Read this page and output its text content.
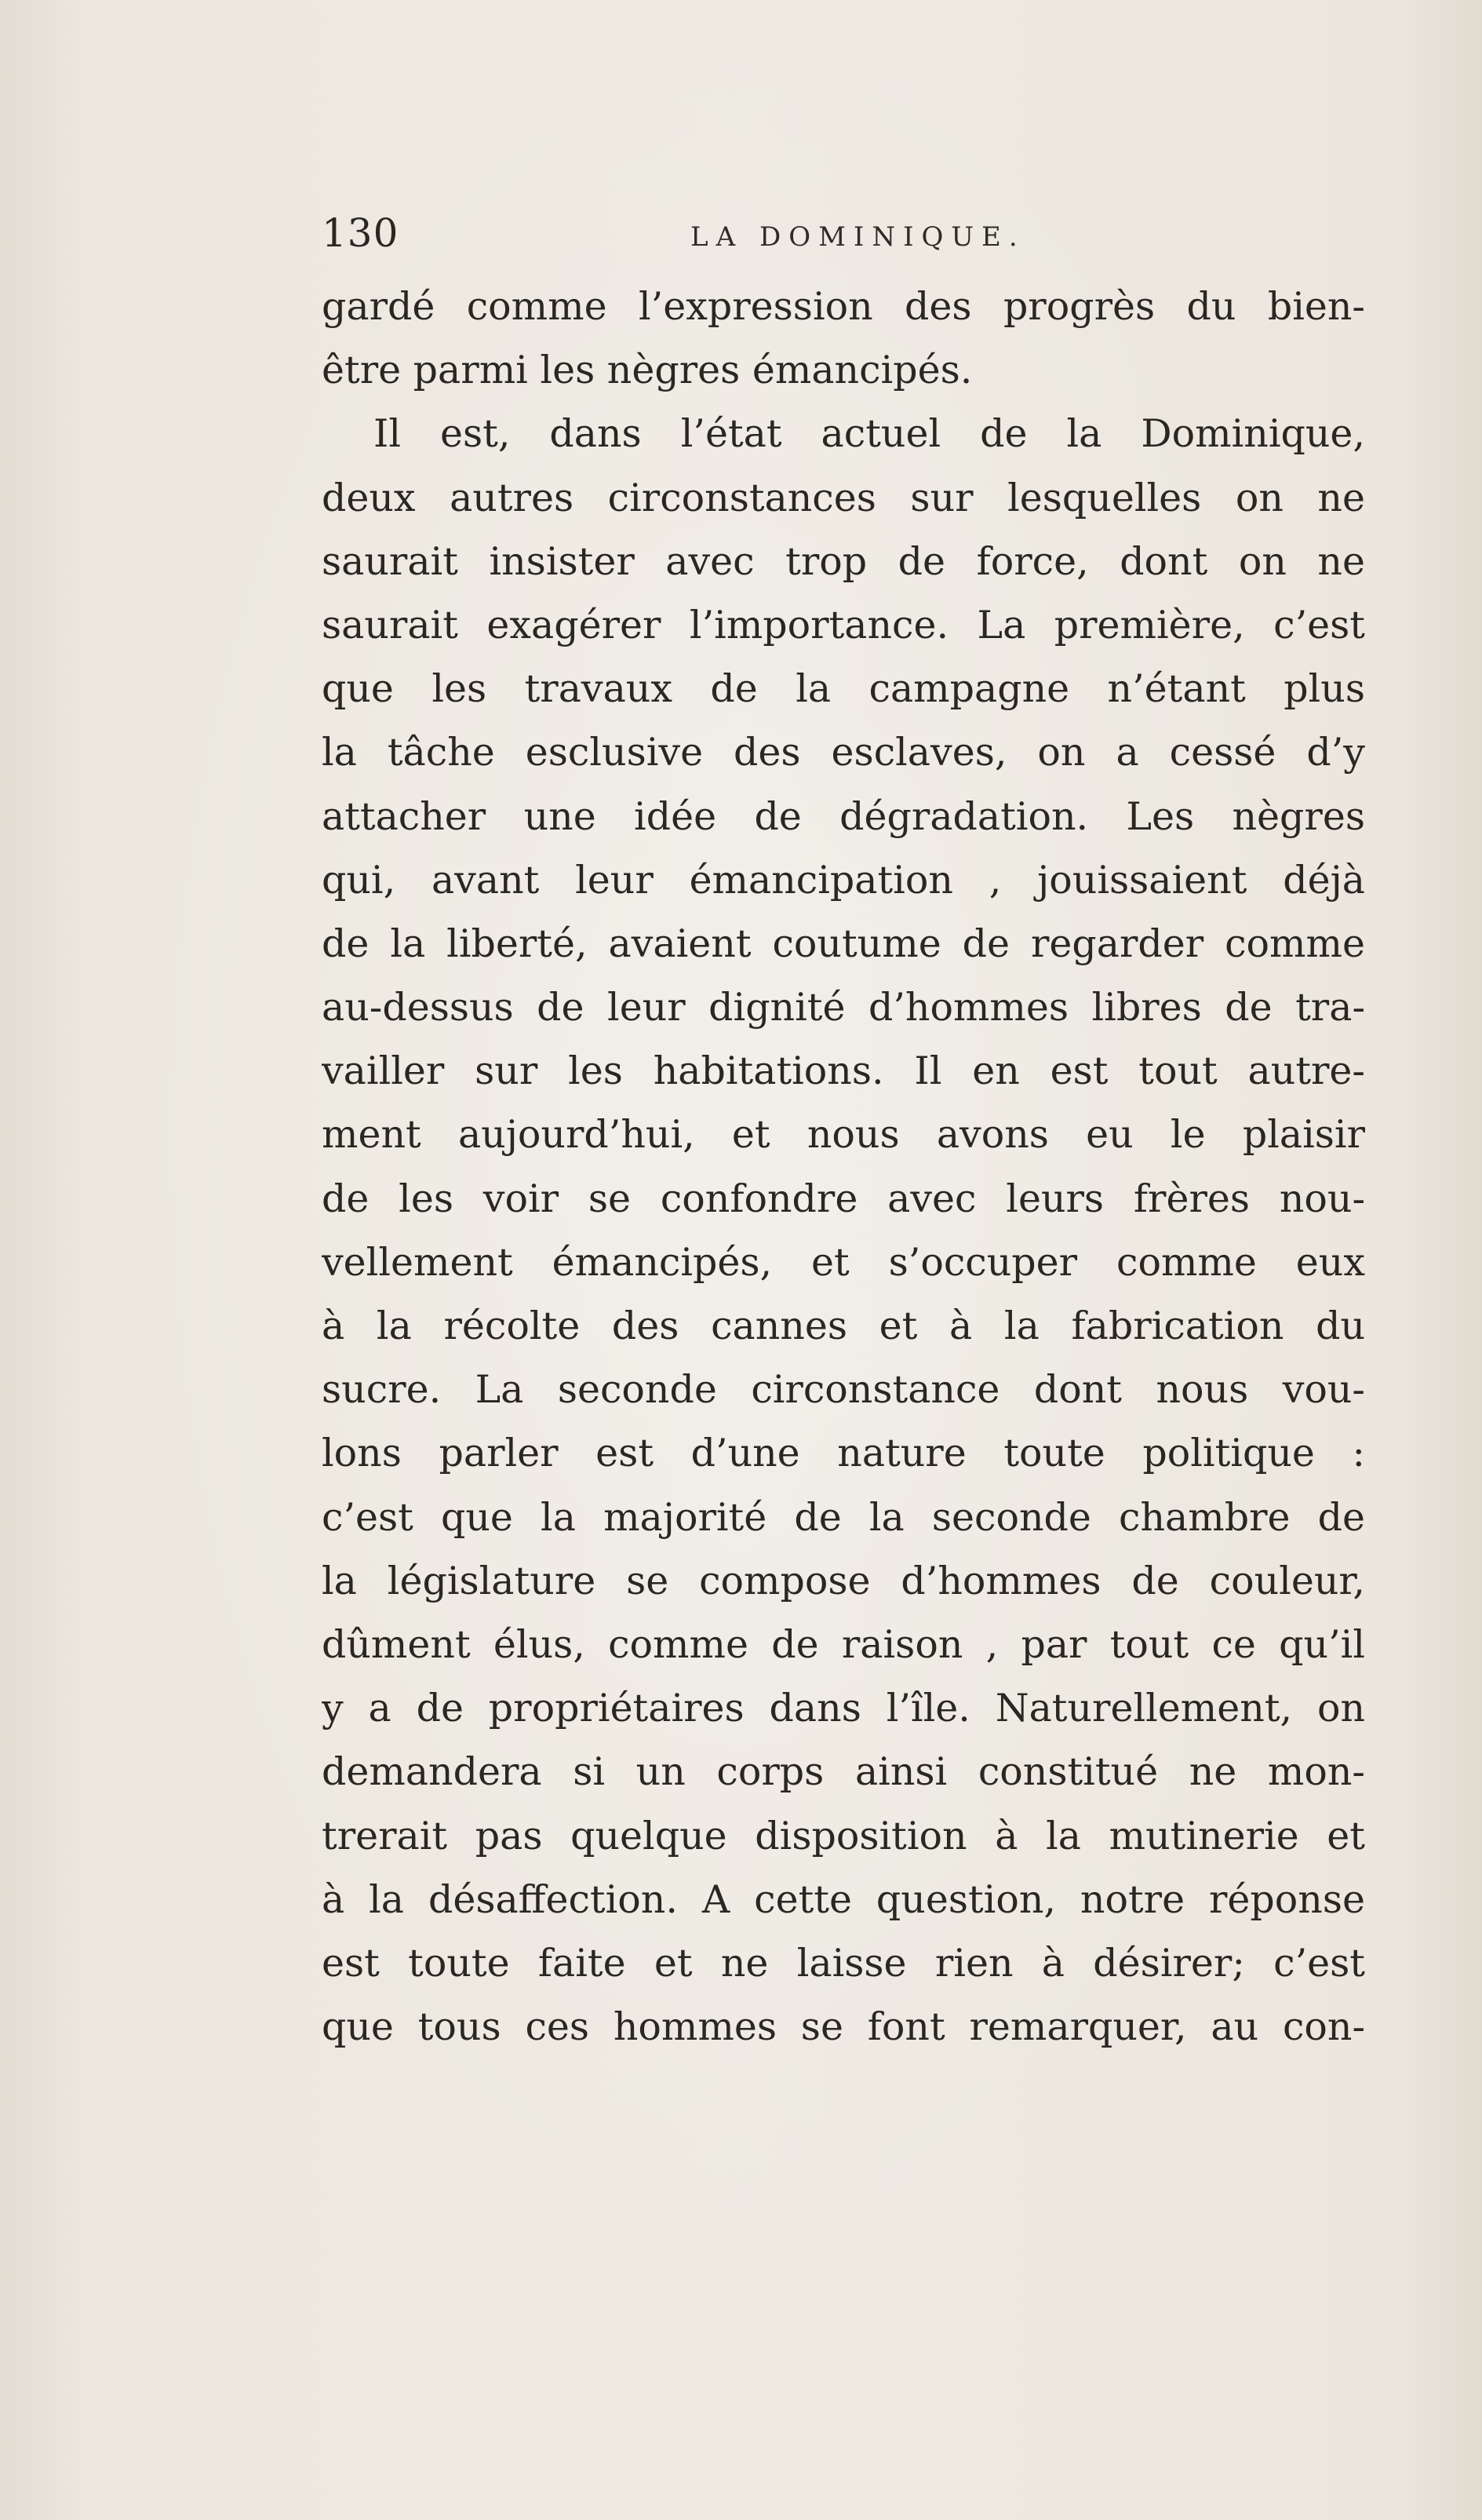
130	LA DOMINIQUE.
gardé comme l’expression des progrès du bien-
être parmi les nègres émancipés.
Il est, dans l’état actuel de la Dominique,
deux autres circonstances sur lesquelles on ne
saurait insister avec trop de force, dont on ne
saurait exagérer l’importance. La première, c’est
que les travaux de la campagne n’étant plus
la tâche esclusive des esclaves, on a cessé d’y
attacher une idée de dégradation. Les nègres
qui, avant leur émancipation , jouissaient déjà
de la liberté, avaient coutume de regarder comme
au-dessus de leur dignité d’hommes libres de tra-
vailler sur les habitations. Il en est tout autre-
ment aujourd’hui, et nous avons eu le plaisir
de les voir se confondre avec leurs frères nou-
vellement émancipés, et s’occuper comme eux
à la récolte des cannes et à la fabrication du
sucre. La seconde circonstance dont nous vou-
lons parler est d’une nature toute politique :
c’est que la majorité de la seconde chambre de
la législature se compose d’hommes de couleur,
dûment élus, comme de raison , par tout ce qu’il
y a de propriétaires dans l’île. Naturellement, on
demandera si un corps ainsi constitué ne mon-
trerait pas quelque disposition à la mutinerie et
à la désaffection. A cette question, notre réponse
est toute faite et ne laisse rien à désirer; c’est
que tous ces hommes se font remarquer, au con-
